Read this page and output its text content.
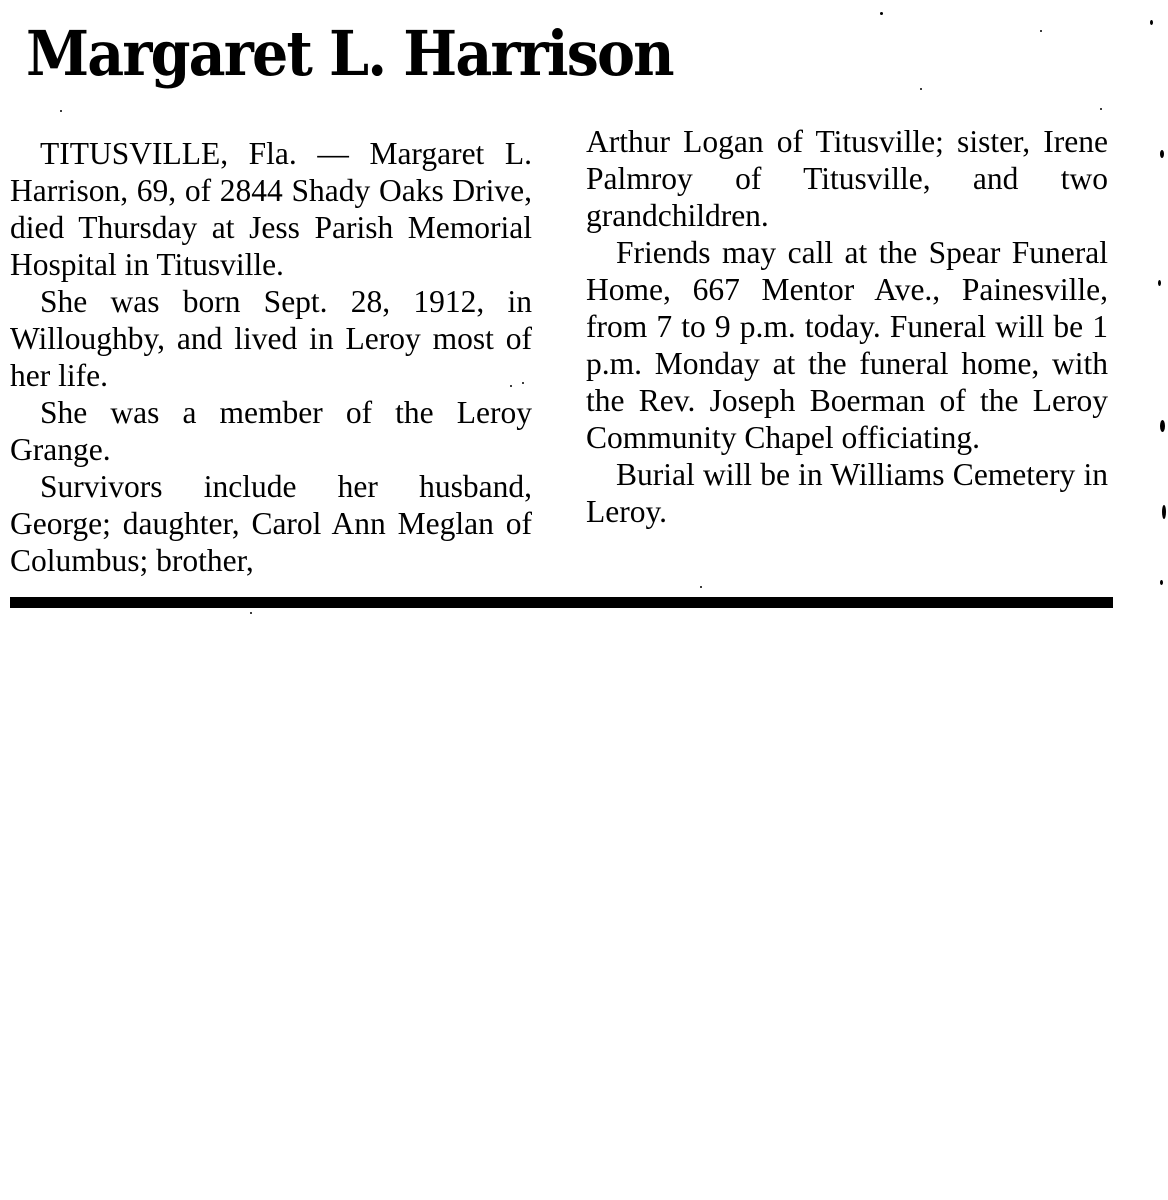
Margaret L. Harrison

TITUSVILLE, Fla. — Margaret L. Harrison, 69, of 2844 Shady Oaks Drive, died Thursday at Jess Parish Memorial Hospital in Titusville.

She was born Sept. 28, 1912, in Willoughby, and lived in Leroy most of her life.

She was a member of the Leroy Grange.

Survivors include her husband, George; daughter, Carol Ann Meglan of Columbus; brother,

Arthur Logan of Titusville; sister, Irene Palmroy of Titusville, and two grandchildren.

Friends may call at the Spear Funeral Home, 667 Mentor Ave., Painesville, from 7 to 9 p.m. today. Funeral will be 1 p.m. Monday at the funeral home, with the Rev. Joseph Boerman of the Leroy Community Chapel officiating.

Burial will be in Williams Cemetery in Leroy.
